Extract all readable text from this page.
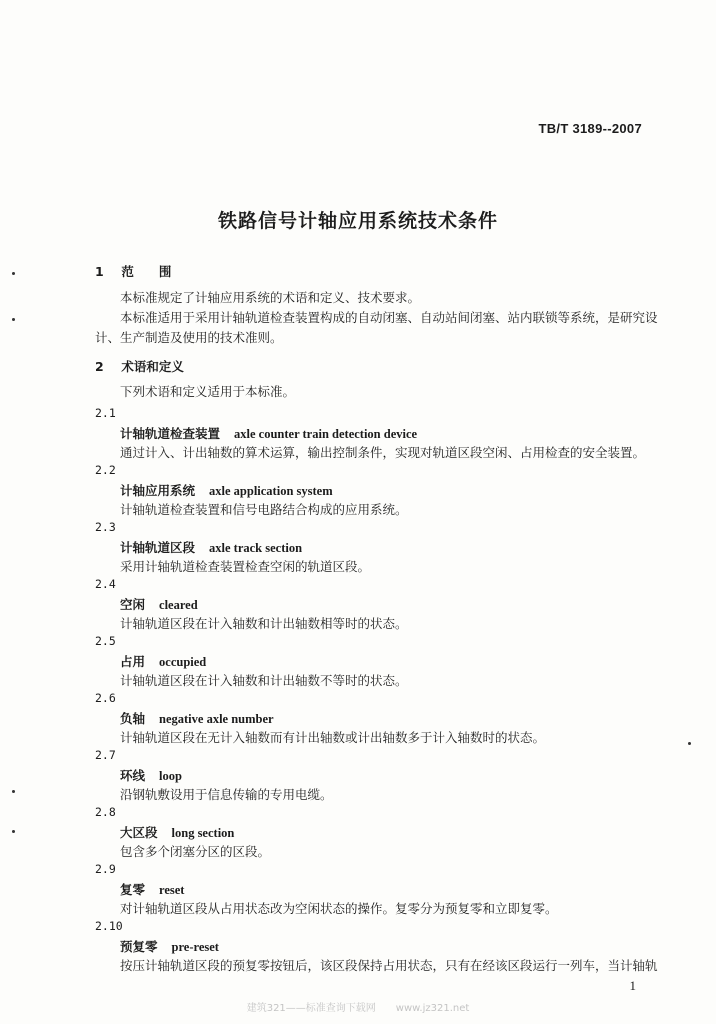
TB/T 3189--2007
铁路信号计轴应用系统技术条件
1 范　　围
本标准规定了计轴应用系统的术语和定义、技术要求。
本标准适用于采用计轴轨道检查装置构成的自动闭塞、自动站间闭塞、站内联锁等系统，是研究设计、生产制造及使用的技术准则。
2 术语和定义
下列术语和定义适用于本标准。
2.1
计轴轨道检查装置 axle counter train detection device
通过计入、计出轴数的算术运算，输出控制条件，实现对轨道区段空闲、占用检查的安全装置。
2.2
计轴应用系统 axle application system
计轴轨道检查装置和信号电路结合构成的应用系统。
2.3
计轴轨道区段 axle track section
采用计轴轨道检查装置检查空闲的轨道区段。
2.4
空闲 cleared
计轴轨道区段在计入轴数和计出轴数相等时的状态。
2.5
占用 occupied
计轴轨道区段在计入轴数和计出轴数不等时的状态。
2.6
负轴 negative axle number
计轴轨道区段在无计入轴数而有计出轴数或计出轴数多于计入轴数时的状态。
2.7
环线 loop
沿钢轨敷设用于信息传输的专用电缆。
2.8
大区段 long section
包含多个闭塞分区的区段。
2.9
复零 reset
对计轴轨道区段从占用状态改为空闲状态的操作。复零分为预复零和立即复零。
2.10
预复零 pre-reset
按压计轴轨道区段的预复零按钮后，该区段保持占用状态，只有在经该区段运行一列车，当计轴轨
1
建筑321——标准查询下载网　　www.jz321.net
